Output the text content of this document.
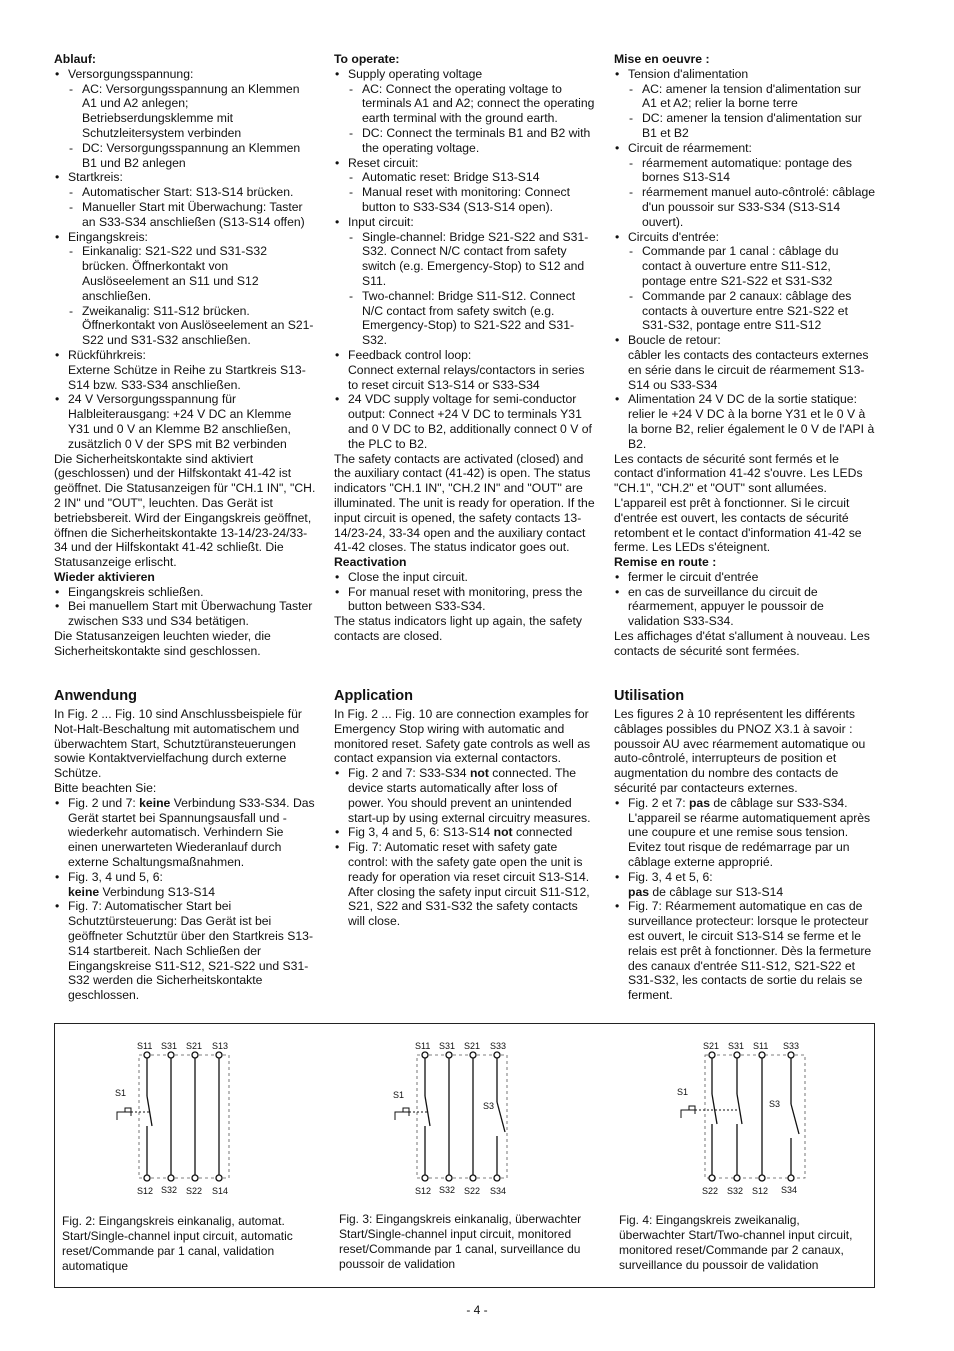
Ablauf:

• Versorgungsspannung:
- AC: Versorgungsspannung an Klemmen A1 und A2 anlegen; Betriebserdungsklemme mit Schutzleitersystem verbinden
- DC: Versorgungsspannung an Klemmen B1 und B2 anlegen
• Startkreis:
- Automatischer Start: S13-S14 brücken.
- Manueller Start mit Überwachung: Taster an S33-S34 anschließen (S13-S14 offen)
• Eingangskreis:
- Einkanalig: S21-S22 und S31-S32 brücken. Öffnerkontakt von Auslöseelement an S11 und S12 anschließen.
- Zweikanalig: S11-S12 brücken. Öffnerkontakt von Auslöseelement an S21-S22 und S31-S32 anschließen.
• Rückführkreis:
Externe Schütze in Reihe zu Startkreis S13-S14 bzw. S33-S34 anschließen.
• 24 V Versorgungsspannung für Halbleiterausgang: +24 V DC an Klemme Y31 und 0 V an Klemme B2 anschließen, zusätzlich 0 V der SPS mit B2 verbinden

Die Sicherheitskontakte sind aktiviert (geschlossen) und der Hilfskontakt 41-42 ist geöffnet. Die Statusanzeigen für "CH.1 IN", "CH. 2 IN" und "OUT", leuchten. Das Gerät ist betriebsbereit. Wird der Eingangskreis geöffnet, öffnen die Sicherheitskontakte 13-14/23-24/33-34 und der Hilfskontakt 41-42 schließt. Die Statusanzeige erlischt.

Wieder aktivieren

• Eingangskreis schließen.
• Bei manuellem Start mit Überwachung Taster zwischen S33 und S34 betätigen.

Die Statusanzeigen leuchten wieder, die Sicherheitskontakte sind geschlossen.

Anwendung

In Fig. 2 ... Fig. 10 sind Anschlussbeispiele für Not-Halt-Beschaltung mit automatischem und überwachtem Start, Schutztüransteuerungen sowie Kontaktvervielfachung durch externe Schütze.

Bitte beachten Sie:

• Fig. 2 und 7: keine Verbindung S33-S34. Das Gerät startet bei Spannungsausfall und -wiederkehr automatisch. Verhindern Sie einen unerwarteten Wiederanlauf durch externe Schaltungsmaßnahmen.
• Fig. 3, 4 und 5, 6:
keine Verbindung S13-S14
• Fig. 7: Automatischer Start bei Schutztürsteuerung: Das Gerät ist bei geöffneter Schutztür über den Startkreis S13-S14 startbereit. Nach Schließen der Eingangskreise S11-S12, S21-S22 und S31-S32 werden die Sicherheitskontakte geschlossen.

To operate:

• Supply operating voltage
- AC: Connect the operating voltage to terminals A1 and A2; connect the operating earth terminal with the ground earth.
- DC: Connect the terminals B1 and B2 with the operating voltage.
• Reset circuit:
- Automatic reset: Bridge S13-S14
- Manual reset with monitoring: Connect button to S33-S34 (S13-S14 open).
• Input circuit:
- Single-channel: Bridge S21-S22 and S31-S32. Connect N/C contact from safety switch (e.g. Emergency-Stop) to S12 and S11.
- Two-channel: Bridge S11-S12. Connect N/C contact from safety switch (e.g. Emergency-Stop) to S21-S22 and S31-S32.
• Feedback control loop:
Connect external relays/contactors in series to reset circuit S13-S14 or S33-S34
• 24 VDC supply voltage for semi-conductor output: Connect +24 V DC to terminals Y31 and 0 V DC to B2, additionally connect 0 V of the PLC to B2.

The safety contacts are activated (closed) and the auxiliary contact (41-42) is open. The status indicators "CH.1 IN", "CH.2 IN" and "OUT" are illuminated. The unit is ready for operation. If the input circuit is opened, the safety contacts 13-14/23-24, 33-34 open and the auxiliary contact 41-42 closes. The status indicator goes out.

Reactivation

• Close the input circuit.
• For manual reset with monitoring, press the button between S33-S34.

The status indicators light up again, the safety contacts are closed.

Application

In Fig. 2 ... Fig. 10 are connection examples for Emergency Stop wiring with automatic and monitored reset. Safety gate controls as well as contact expansion via external contactors.

• Fig. 2 and 7: S33-S34 not connected. The device starts automatically after loss of power. You should prevent an unintended start-up by using external circuitry measures.
• Fig 3, 4 and 5, 6: S13-S14 not connected
• Fig. 7: Automatic reset with safety gate control: with the safety gate open the unit is ready for operation via reset circuit S13-S14. After closing the safety input circuit S11-S12, S21, S22 and S31-S32 the safety contacts will close.

Mise en oeuvre :

• Tension d'alimentation
- AC: amener la tension d'alimentation sur A1 et A2; relier la borne terre
- DC: amener la tension d'alimentation sur B1 et B2
• Circuit de réarmement:
- réarmement automatique: pontage des bornes S13-S14
- réarmement manuel auto-côntrolé: câblage d'un poussoir sur S33-S34 (S13-S14 ouvert).
• Circuits d'entrée:
- Commande par 1 canal : câblage du contact à ouverture entre S11-S12, pontage entre S21-S22 et S31-S32
- Commande par 2 canaux: câblage des contacts à ouverture entre S21-S22 et S31-S32, pontage entre S11-S12
• Boucle de retour:
câbler les contacts des contacteurs externes en série dans le circuit de réarmement S13-S14 ou S33-S34
• Alimentation 24 V DC de la sortie statique: relier le +24 V DC à la borne Y31 et le 0 V à la borne B2, relier également le 0 V de l'API à B2.

Les contacts de sécurité sont fermés et le contact d'information 41-42 s'ouvre. Les LEDs "CH.1", "CH.2" et "OUT" sont allumées. L'appareil est prêt à fonctionner. Si le circuit d'entrée est ouvert, les contacts de sécurité retombent et le contact d'information 41-42 se ferme. Les LEDs s'éteignent.

Remise en route :

• fermer le circuit d'entrée
• en cas de surveillance du circuit de réarmement, appuyer le poussoir de validation S33-S34.

Les affichages d'état s'allument à nouveau. Les contacts de sécurité sont fermées.

Utilisation

Les figures 2 à 10 représentent les différents câblages possibles du PNOZ X3.1 à savoir : poussoir AU avec réarmement automatique ou auto-côntrolé, interrupteurs de position et augmentation du nombre des contacts de sécurité par contacteurs externes.

• Fig. 2 et 7: pas de câblage sur S33-S34. L'appareil se réarme automatiquement après une coupure et une remise sous tension. Evitez tout risque de redémarrage par un câblage externe approprié.
• Fig. 3, 4 et 5, 6:
pas de câblage sur S13-S14
• Fig. 7: Réarmement automatique en cas de surveillance protecteur: lorsque le protecteur est ouvert, le circuit S13-S14 se ferme et le relais est prêt à fonctionner. Dès la fermeture des canaux d'entrée S11-S12, S21-S22 et S31-S32, les contacts de sortie du relais se ferment.
S11 S31 S21 S13
S1
S12 S32 S22 S14
Fig. 2: Eingangskreis einkanalig, automat. Start/Single-channel input circuit, automatic reset/Commande par 1 canal, validation automatique
S11 S31 S21 S33
S1
S3
S12 S32 S22 S34
Fig. 3: Eingangskreis einkanalig, überwachter Start/Single-channel input circuit, monitored reset/Commande par 1 canal, surveillance du poussoir de validation
S21 S31 S11 S33
S1
S3
S22 S32 S12 S34
Fig. 4: Eingangskreis zweikanalig, überwachter Start/Two-channel input circuit, monitored reset/Commande par 2 canaux, surveillance du poussoir de validation
- 4 -
